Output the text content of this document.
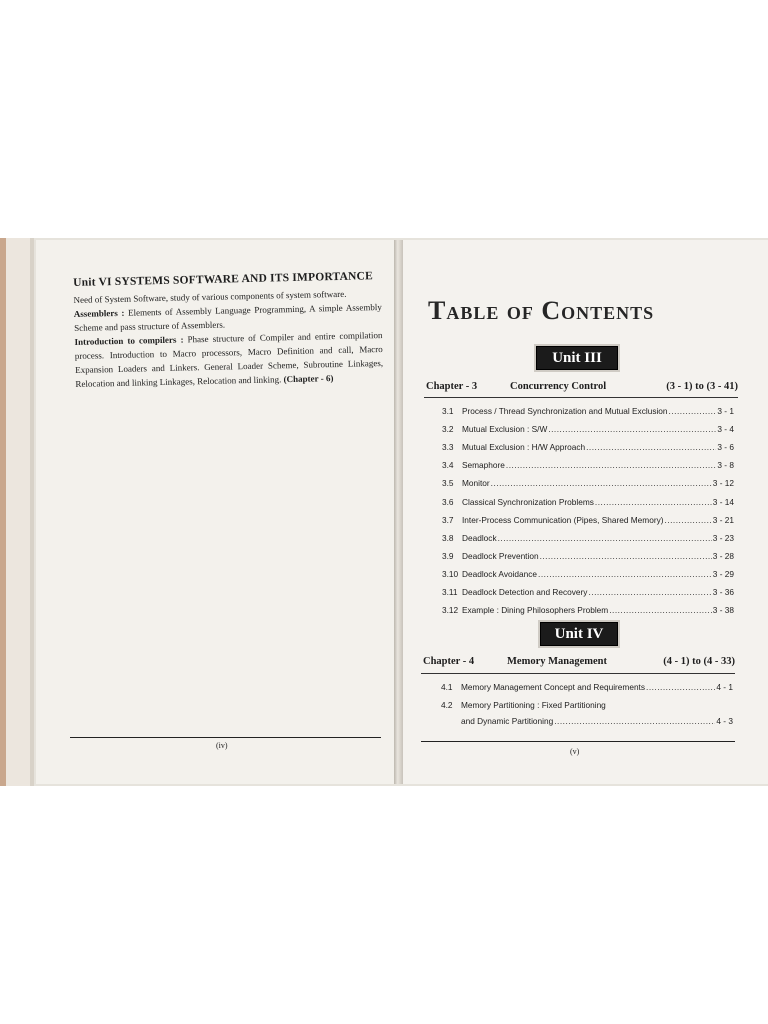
Unit VI SYSTEMS SOFTWARE AND ITS IMPORTANCE

Need of System Software, study of various components of system software.

Assemblers : Elements of Assembly Language Programming, A simple Assembly Scheme and pass structure of Assemblers.

Introduction to compilers : Phase structure of Compiler and entire compilation process. Introduction to Macro processors, Macro Definition and call, Macro Expansion Loaders and Linkers. General Loader Scheme, Subroutine Linkages, Relocation and linking Linkages, Relocation and linking. (Chapter - 6)

(iv)
Table of Contents
Unit III
Chapter - 3	Concurrency Control	(3 - 1) to (3 - 41)
3.1	Process / Thread Synchronization and Mutual Exclusion .....	3 - 1
3.2	Mutual Exclusion : S/W .....	3 - 4
3.3	Mutual Exclusion : H/W Approach .....	3 - 6
3.4	Semaphore .....	3 - 8
3.5	Monitor .....	3 - 12
3.6	Classical Synchronization Problems .....	3 - 14
3.7	Inter-Process Communication (Pipes, Shared Memory) .....	3 - 21
3.8	Deadlock .....	3 - 23
3.9	Deadlock Prevention .....	3 - 28
3.10 Deadlock Avoidance .....	3 - 29
3.11 Deadlock Detection and Recovery .....	3 - 36
3.12 Example : Dining Philosophers Problem .....	3 - 38
Unit IV
Chapter - 4	Memory Management	(4 - 1) to (4 - 33)
4.1	Memory Management Concept and Requirements .....	4 - 1
4.2	Memory Partitioning : Fixed Partitioning
and Dynamic Partitioning .....	4 - 3
(v)
